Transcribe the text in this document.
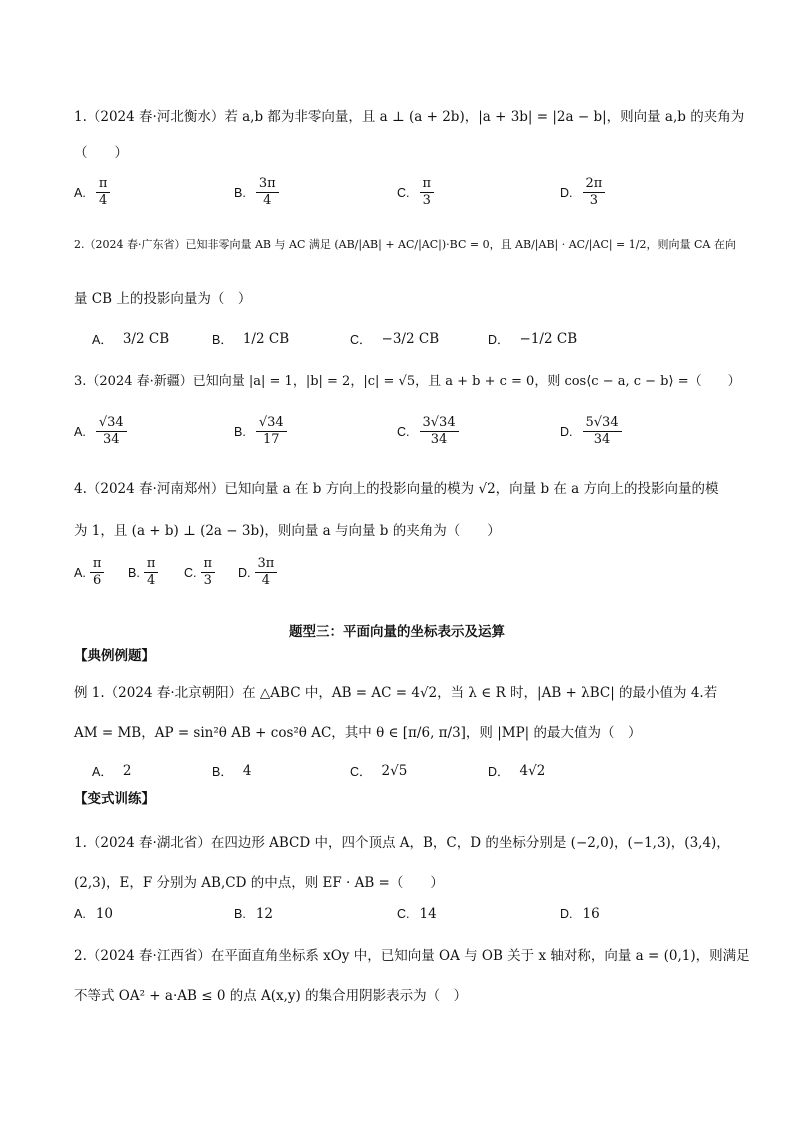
1.（2024 春·河北衡水）若 a,b 都为非零向量，且 a ⊥ (a + 2b)，|a + 3b| = |2a − b|，则向量 a,b 的夹角为
（　　）
A. $\frac{\pi}{4}$	B. $\frac{3\pi}{4}$	C. $\frac{\pi}{3}$	D. $\frac{2\pi}{3}$
2.（2024 春·广东省）已知非零向量 AB 与 AC 满足 (AB/|AB| + AC/|AC|)·BC = 0，且 AB/|AB| · AC/|AC| = 1/2，则向量 CA 在向
量 CB 上的投影向量为（　）
A． 3/2 CB	B． 1/2 CB	C． −3/2 CB	D． −1/2 CB
3.（2024 春·新疆）已知向量 |a| = 1，|b| = 2，|c| = √5，且 a + b + c = 0，则 cos⟨c − a, c − b⟩ =（　　）
A. $\frac{√34}{34}$	B. $\frac{√34}{17}$	C. $\frac{3√34}{34}$	D. $\frac{5√34}{34}$
4.（2024 春·河南郑州）已知向量 a 在 b 方向上的投影向量的模为 √2，向量 b 在 a 方向上的投影向量的模
为 1，且 (a + b) ⊥ (2a − 3b)，则向量 a 与向量 b 的夹角为（　　）
A. $\frac{\pi}{6} B$. $\frac{\pi}{4} C$. $\frac{\pi}{3} D$. $\frac{3\pi}{4}$
题型三：平面向量的坐标表示及运算
【典例例题】
例 1.（2024 春·北京朝阳）在 △ABC 中，AB = AC = 4√2，当 λ ∈ R 时，|AB + λBC| 的最小值为 4.若
AM = MB，AP = sin²θ AB + cos²θ AC，其中 θ ∈ [π/6, π/3]，则 |MP| 的最大值为（　）
A． 2	B． 4	C． 2√5	D． 4√2
【变式训练】
1.（2024 春·湖北省）在四边形 ABCD 中，四个顶点 A，B，C，D 的坐标分别是 (−2,0)，(−1,3)，(3,4)，
(2,3)，E，F 分别为 AB,CD 的中点，则 EF · AB =（　　）
A. 10	B. 12	C. 14	D. 16
2.（2024 春·江西省）在平面直角坐标系 xOy 中，已知向量 OA 与 OB 关于 x 轴对称，向量 a = (0,1)，则满足
不等式 OA² + a·AB ≤ 0 的点 A(x,y) 的集合用阴影表示为（　）
